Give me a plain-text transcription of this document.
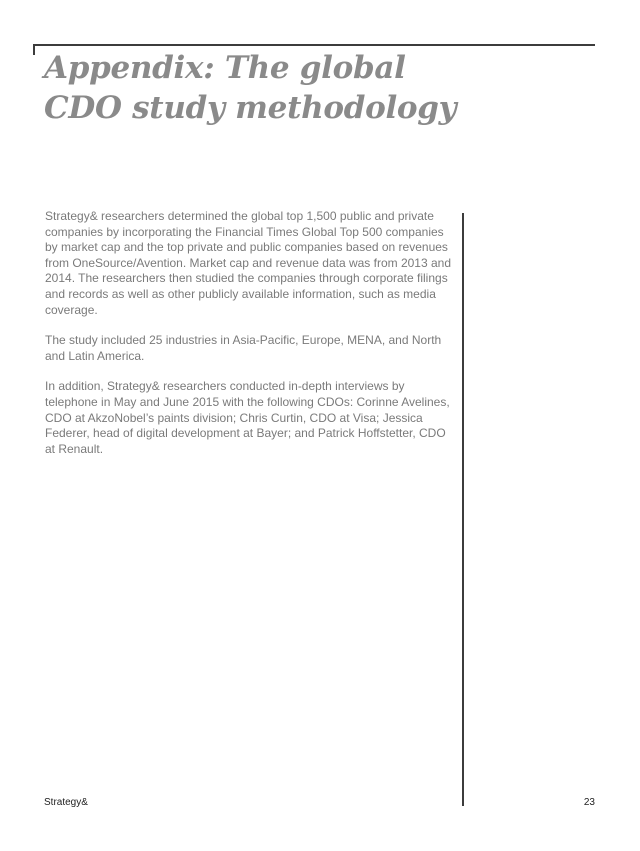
Appendix: The global
CDO study methodology

Strategy& researchers determined the global top 1,500 public and private companies by incorporating the Financial Times Global Top 500 companies by market cap and the top private and public companies based on revenues from OneSource/Avention. Market cap and revenue data was from 2013 and 2014. The researchers then studied the companies through corporate filings and records as well as other publicly available information, such as media coverage.

The study included 25 industries in Asia-Pacific, Europe, MENA, and North and Latin America.

In addition, Strategy& researchers conducted in-depth interviews by telephone in May and June 2015 with the following CDOs: Corinne Avelines, CDO at AkzoNobel’s paints division; Chris Curtin, CDO at Visa; Jessica Federer, head of digital development at Bayer; and Patrick Hoffstetter, CDO at Renault.

Strategy&	23
